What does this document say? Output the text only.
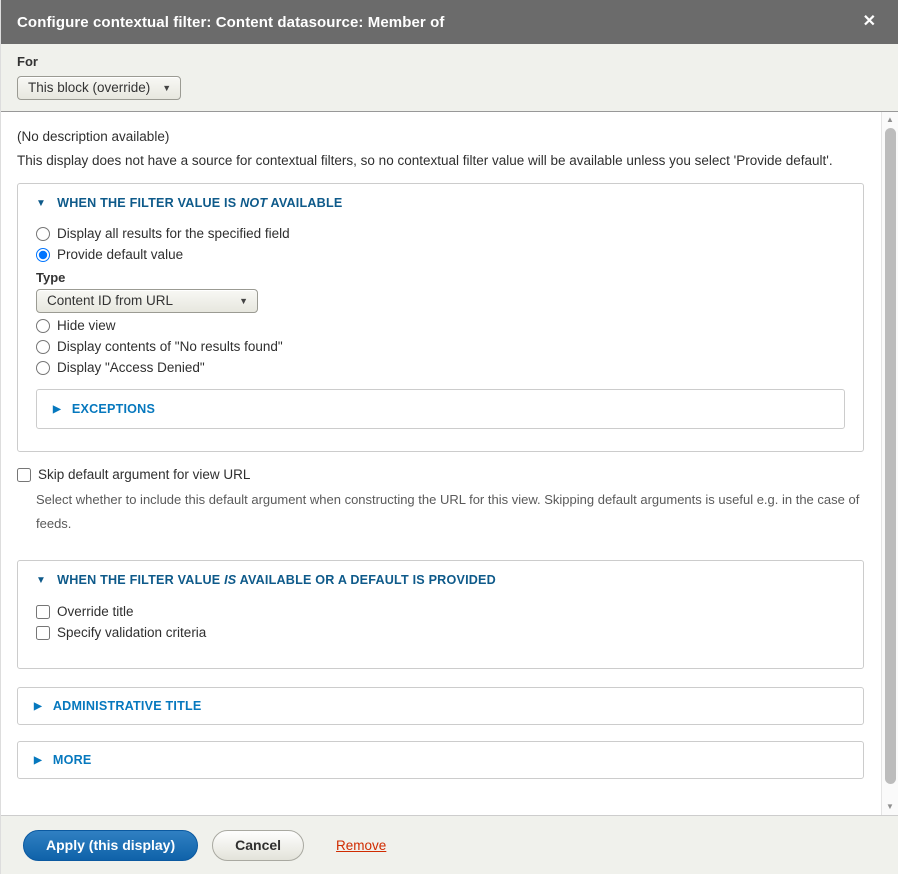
Configure contextual filter: Content datasource: Member of	✕
For
This block (override) ▼

(No description available)

This display does not have a source for contextual filters, so no contextual filter value will be available unless you select 'Provide default'.

▼ WHEN THE FILTER VALUE IS NOT AVAILABLE
Display all results for the specified field
Provide default value
Type
Content ID from URL	▼
Hide view
Display contents of "No results found"
Display "Access Denied"
▶ EXCEPTIONS
Skip default argument for view URL
Select whether to include this default argument when constructing the URL for this view. Skipping default arguments is useful e.g. in the case of feeds.
▼ WHEN THE FILTER VALUE IS AVAILABLE OR A DEFAULT IS PROVIDED
Override title
Specify validation criteria
▶ ADMINISTRATIVE TITLE
▶ MORE
▲
▼
Apply (this display)	Cancel	Remove
